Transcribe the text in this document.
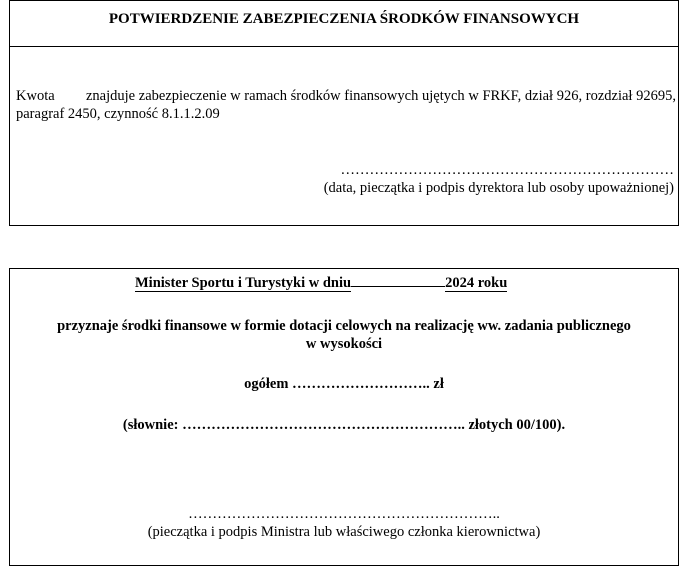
POTWIERDZENIE ZABEZPIECZENIA ŚRODKÓW FINANSOWYCH
Kwota znajduje zabezpieczenie w ramach środków finansowych ujętych w FRKF, dział 926, rozdział 92695, paragraf 2450, czynność 8.1.1.2.09
……………………………………………………………
(data, pieczątka i podpis dyrektora lub osoby upoważnionej)
Minister Sportu i Turystyki w dniu	2024 roku
przyznaje środki finansowe w formie dotacji celowych na realizację ww. zadania publicznego
w wysokości
ogółem ……………………….. zł
(słownie: ………………………………………………….. złotych 00/100).
………………………………………………………..
(pieczątka i podpis Ministra lub właściwego członka kierownictwa)
